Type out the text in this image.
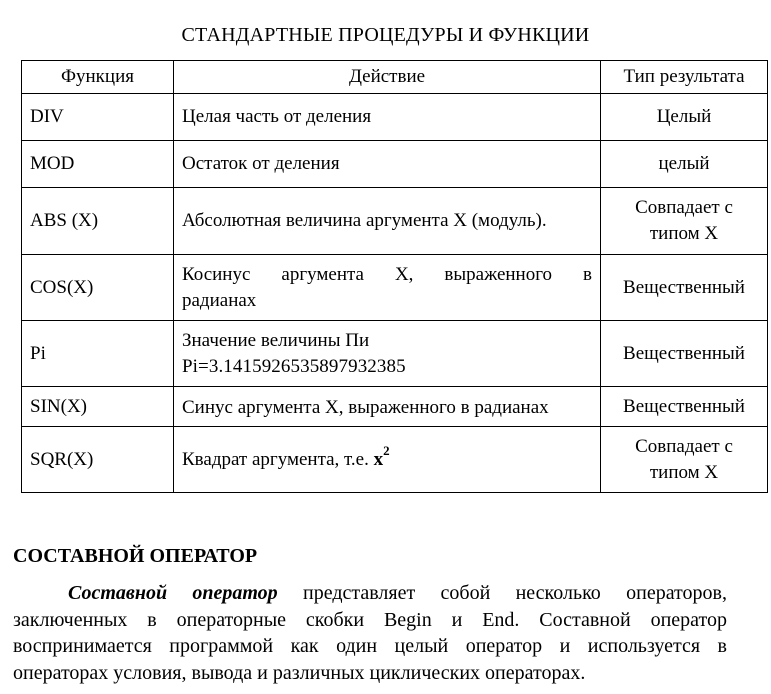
СТАНДАРТНЫЕ ПРОЦЕДУРЫ И ФУНКЦИИ
Функция	Действие	Тип результата
DIV	Целая часть от деления	Целый
MOD	Остаток от деления	целый
ABS (X)	Абсолютная величина аргумента X (модуль).	Совпадает с
типом X
COS(X)	Косинус аргумента X, выраженного в
радианах	Вещественный
Pi	Значение величины Пи

Pi=3.1415926535897932385	Вещественный
SIN(X)	Синус аргумента X, выраженного в радианах	Вещественный
SQR(X)	Квадрат аргумента, т.е. $x^2$	Совпадает с
типом X
СОСТАВНОЙ ОПЕРАТОР
Составной оператор представляет собой несколько операторов, заключенных в операторные скобки Begin и End. Составной оператор воспринимается программой как один целый оператор и используется в операторах условия, вывода и различных циклических операторах.
